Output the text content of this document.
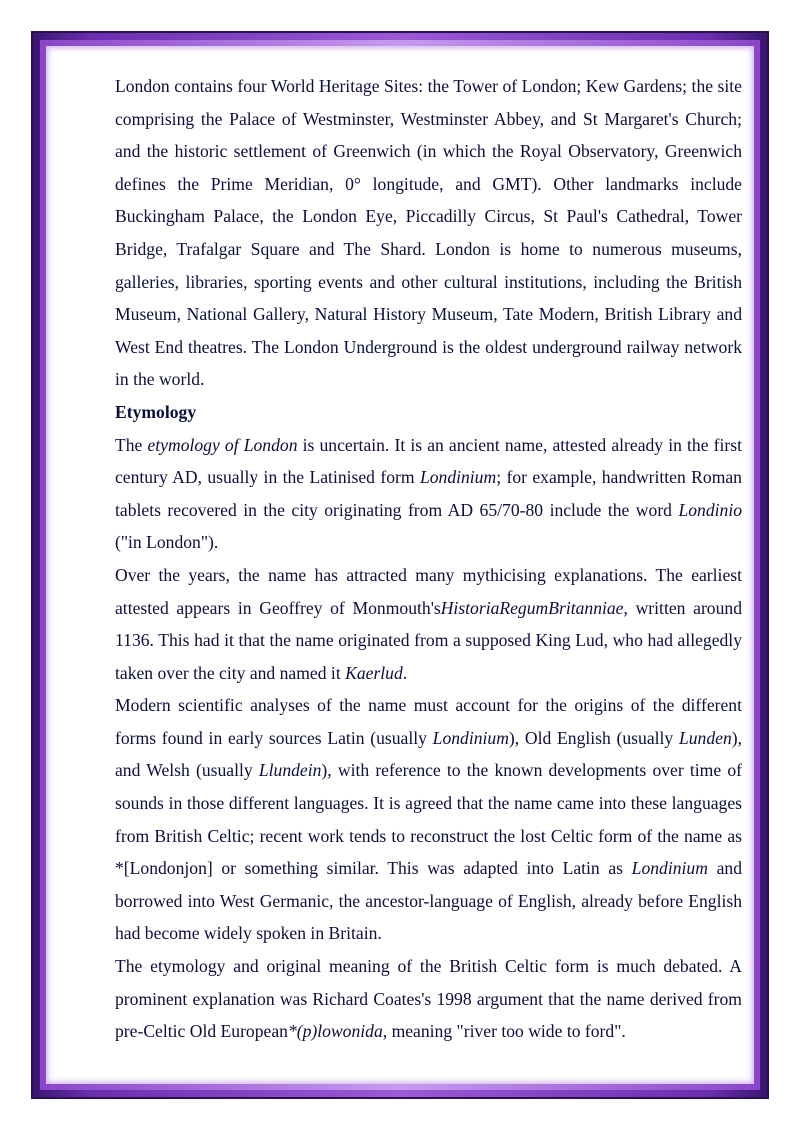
London contains four World Heritage Sites: the Tower of London; Kew Gardens; the site comprising the Palace of Westminster, Westminster Abbey, and St Margaret's Church; and the historic settlement of Greenwich (in which the Royal Observatory, Greenwich defines the Prime Meridian, 0° longitude, and GMT). Other landmarks include Buckingham Palace, the London Eye, Piccadilly Circus, St Paul's Cathedral, Tower Bridge, Trafalgar Square and The Shard. London is home to numerous museums, galleries, libraries, sporting events and other cultural institutions, including the British Museum, National Gallery, Natural History Museum, Tate Modern, British Library and West End theatres. The London Underground is the oldest underground railway network in the world.

Etymology

The etymology of London is uncertain. It is an ancient name, attested already in the first century AD, usually in the Latinised form Londinium; for example, handwritten Roman tablets recovered in the city originating from AD 65/70-80 include the word Londinio ("in London").

Over the years, the name has attracted many mythicising explanations. The earliest attested appears in Geoffrey of Monmouth'sHistoriaRegumBritanniae, written around 1136. This had it that the name originated from a supposed King Lud, who had allegedly taken over the city and named it Kaerlud.

Modern scientific analyses of the name must account for the origins of the different forms found in early sources Latin (usually Londinium), Old English (usually Lunden), and Welsh (usually Llundein), with reference to the known developments over time of sounds in those different languages. It is agreed that the name came into these languages from British Celtic; recent work tends to reconstruct the lost Celtic form of the name as *[Londonjon] or something similar. This was adapted into Latin as Londinium and borrowed into West Germanic, the ancestor-language of English, already before English had become widely spoken in Britain.

The etymology and original meaning of the British Celtic form is much debated. A prominent explanation was Richard Coates's 1998 argument that the name derived from pre-Celtic Old European*(p)lowonida, meaning "river too wide to ford".
